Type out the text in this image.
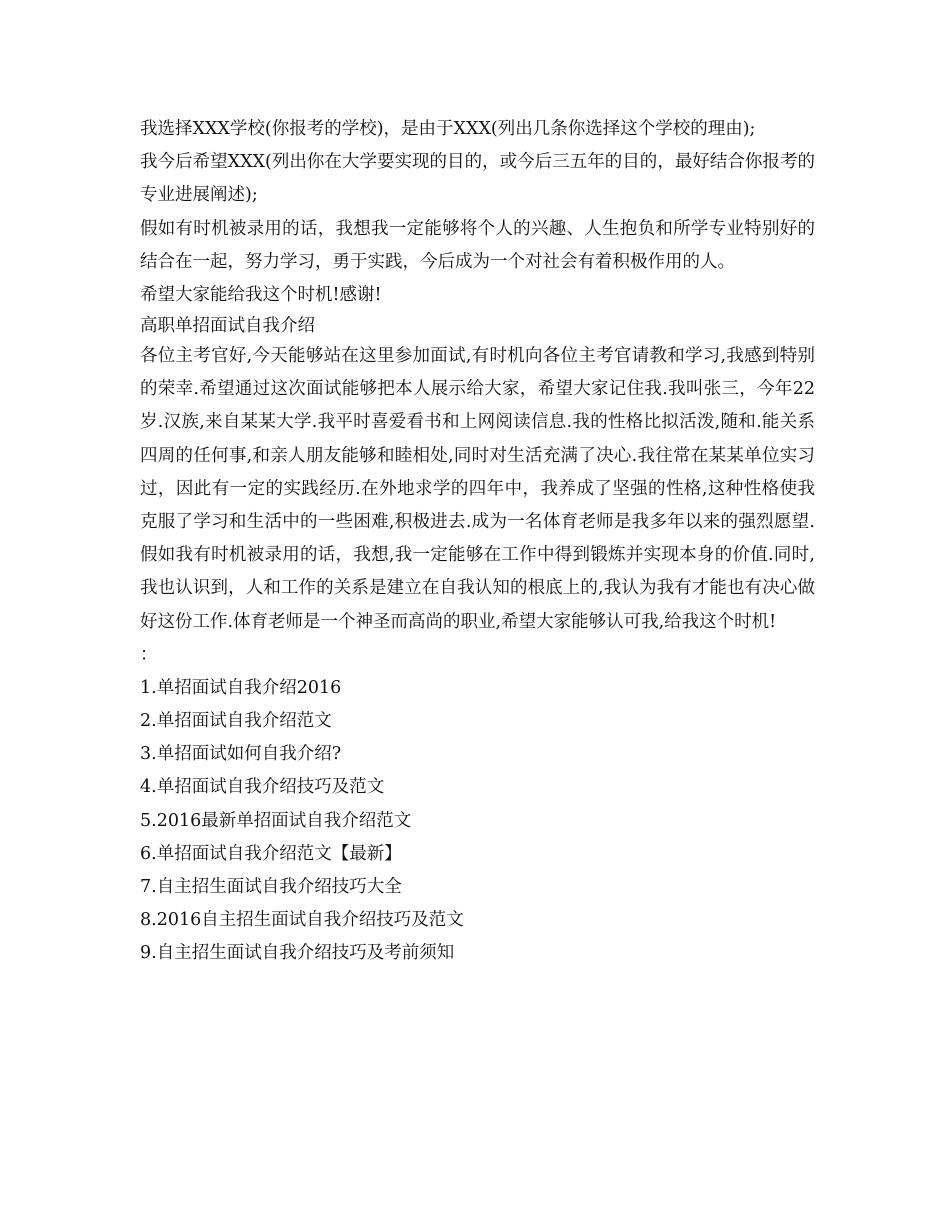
我选择XXX学校(你报考的学校)，是由于XXX(列出几条你选择这个学校的理由);

我今后希望XXX(列出你在大学要实现的目的，或今后三五年的目的，最好结合你报考的专业进展阐述);

假如有时机被录用的话，我想我一定能够将个人的兴趣、人生抱负和所学专业特别好的结合在一起，努力学习，勇于实践，今后成为一个对社会有着积极作用的人。

希望大家能给我这个时机!感谢!

高职单招面试自我介绍

各位主考官好,今天能够站在这里参加面试,有时机向各位主考官请教和学习,我感到特别的荣幸.希望通过这次面试能够把本人展示给大家，希望大家记住我.我叫张三，今年22岁.汉族,来自某某大学.我平时喜爱看书和上网阅读信息.我的性格比拟活泼,随和.能关系四周的任何事,和亲人朋友能够和睦相处,同时对生活充满了决心.我往常在某某单位实习过，因此有一定的实践经历.在外地求学的四年中，我养成了坚强的性格,这种性格使我克服了学习和生活中的一些困难,积极进去.成为一名体育老师是我多年以来的强烈愿望.假如我有时机被录用的话，我想,我一定能够在工作中得到锻炼并实现本身的价值.同时,我也认识到，人和工作的关系是建立在自我认知的根底上的,我认为我有才能也有决心做好这份工作.体育老师是一个神圣而高尚的职业,希望大家能够认可我,给我这个时机!

：

1.单招面试自我介绍2016
2.单招面试自我介绍范文
3.单招面试如何自我介绍?
4.单招面试自我介绍技巧及范文
5.2016最新单招面试自我介绍范文
6.单招面试自我介绍范文【最新】
7.自主招生面试自我介绍技巧大全
8.2016自主招生面试自我介绍技巧及范文
9.自主招生面试自我介绍技巧及考前须知
